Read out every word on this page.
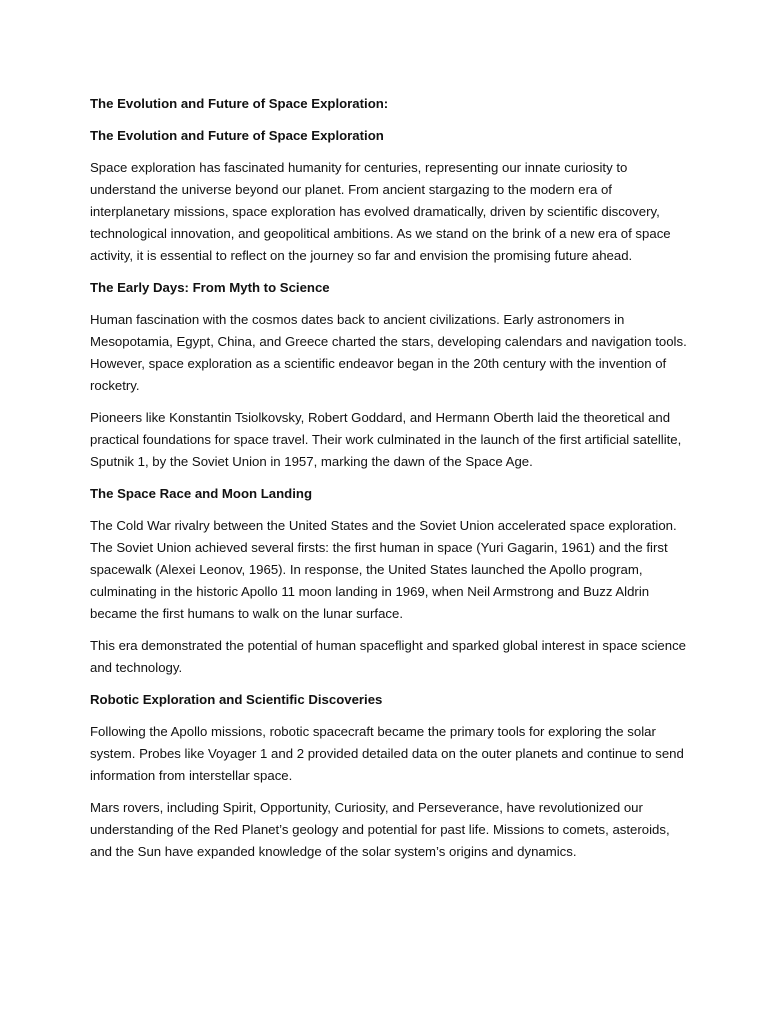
The Evolution and Future of Space Exploration:
The Evolution and Future of Space Exploration
Space exploration has fascinated humanity for centuries, representing our innate curiosity to understand the universe beyond our planet. From ancient stargazing to the modern era of interplanetary missions, space exploration has evolved dramatically, driven by scientific discovery, technological innovation, and geopolitical ambitions. As we stand on the brink of a new era of space activity, it is essential to reflect on the journey so far and envision the promising future ahead.
The Early Days: From Myth to Science
Human fascination with the cosmos dates back to ancient civilizations. Early astronomers in Mesopotamia, Egypt, China, and Greece charted the stars, developing calendars and navigation tools. However, space exploration as a scientific endeavor began in the 20th century with the invention of rocketry.
Pioneers like Konstantin Tsiolkovsky, Robert Goddard, and Hermann Oberth laid the theoretical and practical foundations for space travel. Their work culminated in the launch of the first artificial satellite, Sputnik 1, by the Soviet Union in 1957, marking the dawn of the Space Age.
The Space Race and Moon Landing
The Cold War rivalry between the United States and the Soviet Union accelerated space exploration. The Soviet Union achieved several firsts: the first human in space (Yuri Gagarin, 1961) and the first spacewalk (Alexei Leonov, 1965). In response, the United States launched the Apollo program, culminating in the historic Apollo 11 moon landing in 1969, when Neil Armstrong and Buzz Aldrin became the first humans to walk on the lunar surface.
This era demonstrated the potential of human spaceflight and sparked global interest in space science and technology.
Robotic Exploration and Scientific Discoveries
Following the Apollo missions, robotic spacecraft became the primary tools for exploring the solar system. Probes like Voyager 1 and 2 provided detailed data on the outer planets and continue to send information from interstellar space.
Mars rovers, including Spirit, Opportunity, Curiosity, and Perseverance, have revolutionized our understanding of the Red Planet’s geology and potential for past life. Missions to comets, asteroids, and the Sun have expanded knowledge of the solar system’s origins and dynamics.
